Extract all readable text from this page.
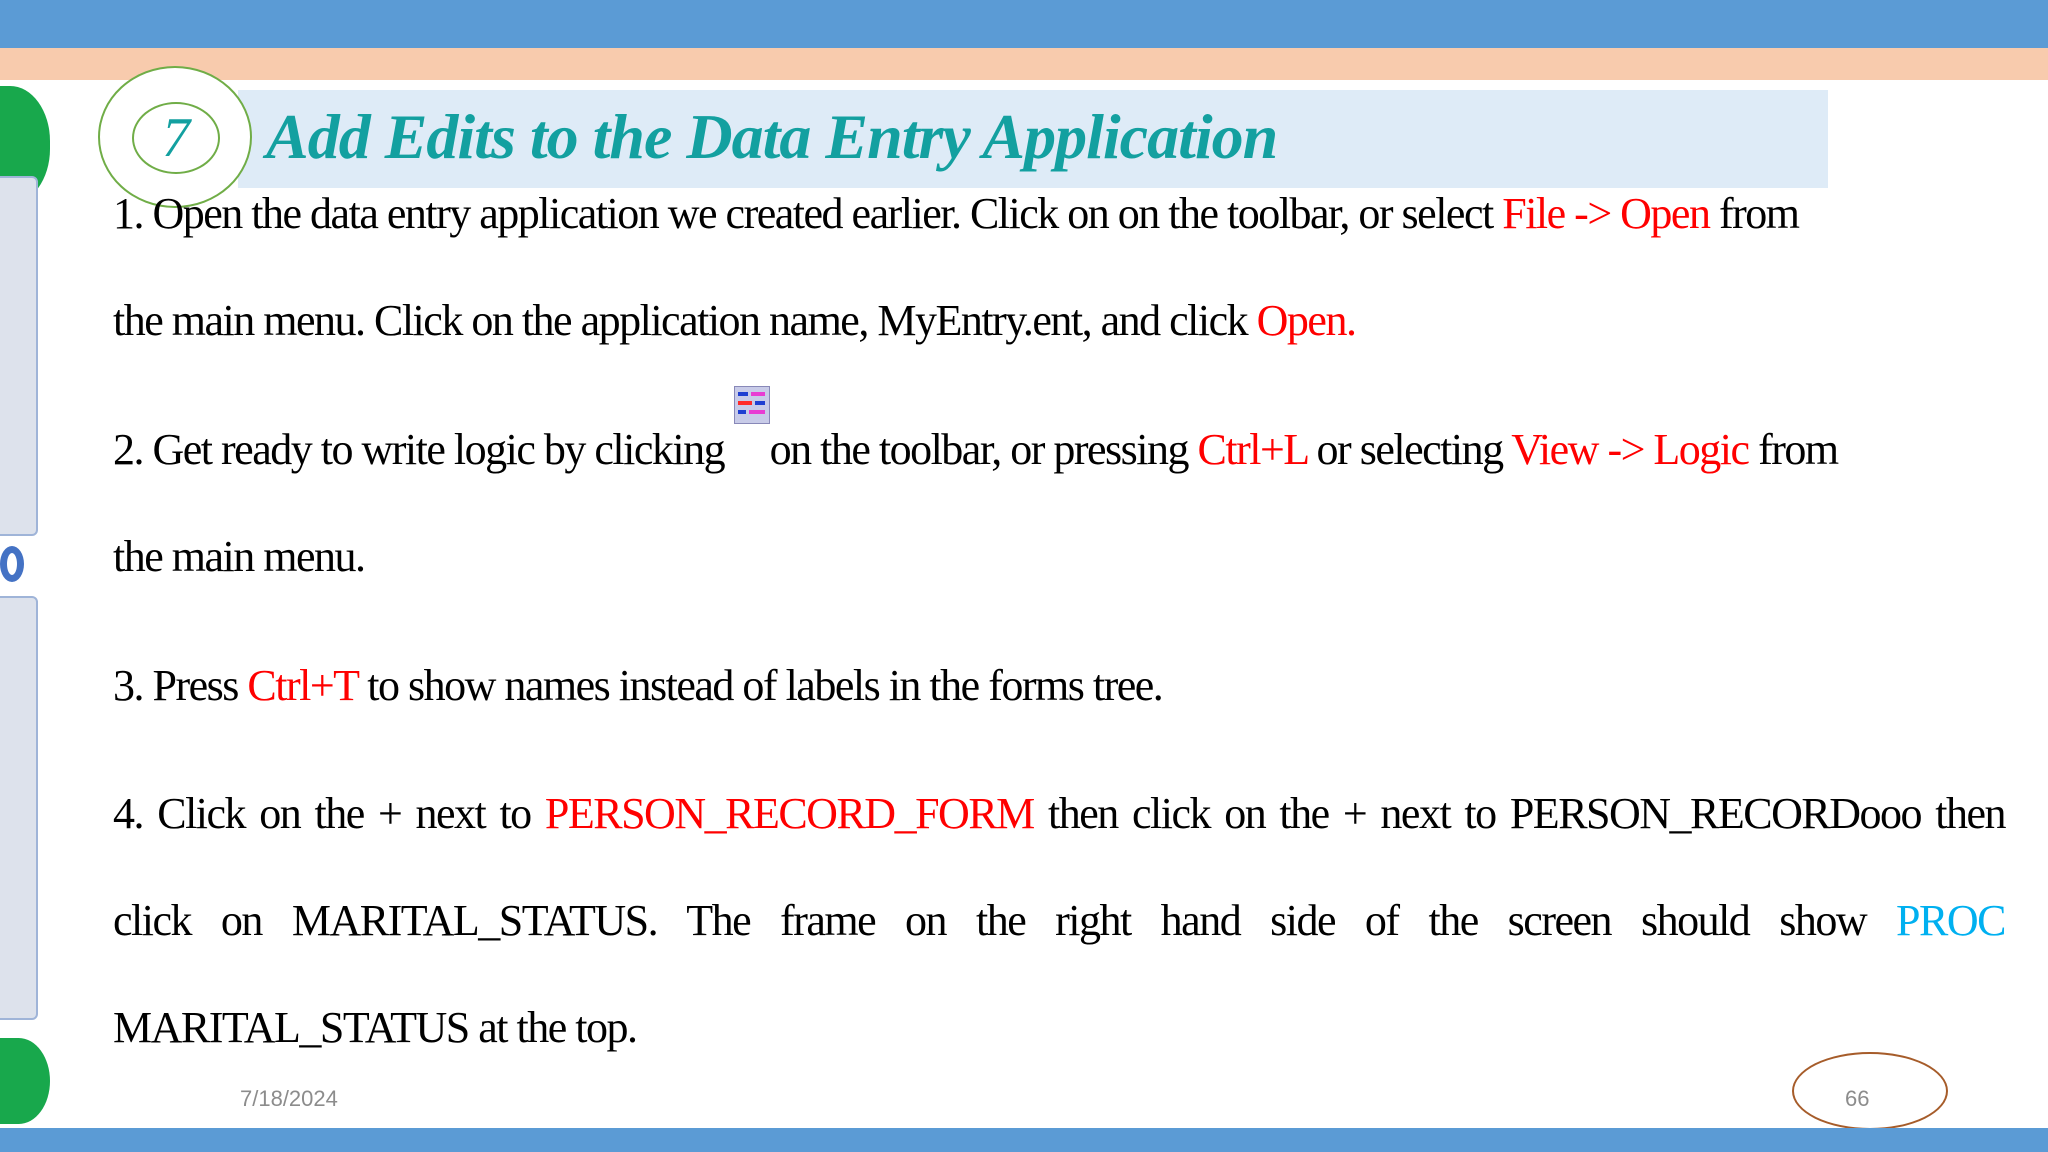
7	Add Edits to the Data Entry Application
1. Open the data entry application we created earlier. Click on on the toolbar, or select File -> Open from
the main menu. Click on the application name, MyEntry.ent, and click Open.
2. Get ready to write logic by clicking
on the toolbar, or pressing Ctrl+L or selecting View -> Logic from
the main menu.
3. Press Ctrl+T to show names instead of labels in the forms tree.
4. Click on the + next to PERSON_RECORD_FORM then click on the + next to PERSON_RECORDooo then click on MARITAL_STATUS. The frame on the right hand side of the screen should show PROC MARITAL_STATUS at the top.
7/18/2024	66
